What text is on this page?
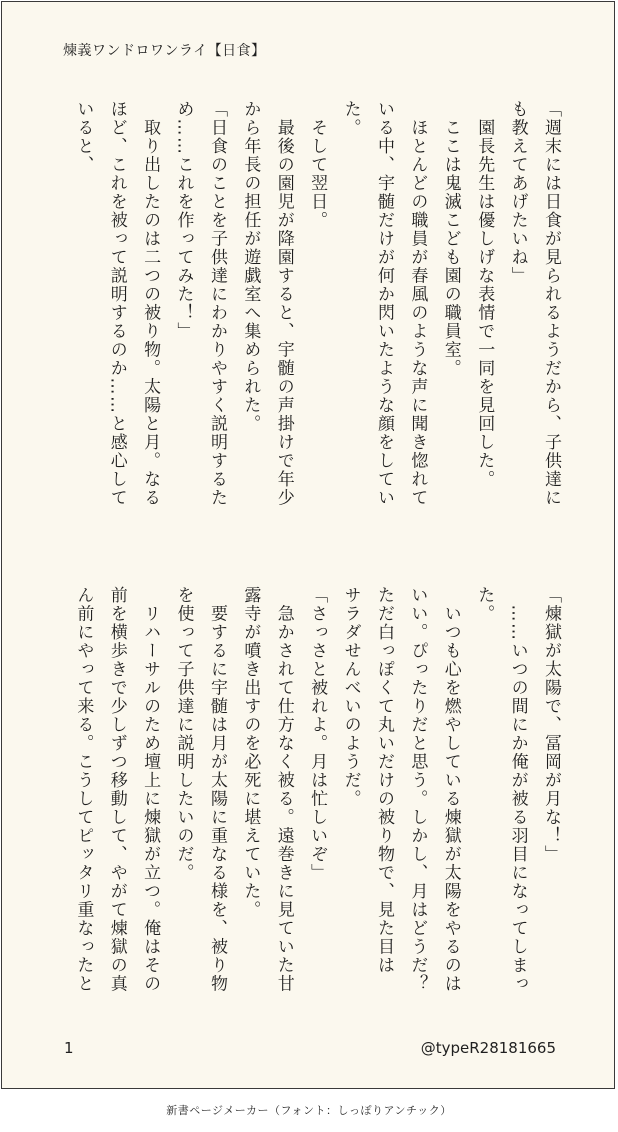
煉義ワンドロワンライ【日食】
「週末には日食が見られるようだから、子供達に
も教えてあげたいね」
　園長先生は優しげな表情で一同を見回した。
　ここは鬼滅こども園の職員室。
　ほとんどの職員が春風のような声に聞き惚れて
いる中、宇髄だけが何か閃いたような顔をしてい
た。
　そして翌日。
　最後の園児が降園すると、宇髄の声掛けで年少
から年長の担任が遊戯室へ集められた。
「日食のことを子供達にわかりやすく説明するた
め……これを作ってみた！」
　取り出したのは二つの被り物。太陽と月。なる
ほど、これを被って説明するのか……と感心して
いると、
「煉獄が太陽で、冨岡が月な！」
　……いつの間にか俺が被る羽目になってしまっ
た。
　いつも心を燃やしている煉獄が太陽をやるのは
いい。ぴったりだと思う。しかし、月はどうだ？
ただ白っぽくて丸いだけの被り物で、見た目は
サラダせんべいのようだ。
「さっさと被れよ。月は忙しいぞ」
　急かされて仕方なく被る。遠巻きに見ていた甘
露寺が噴き出すのを必死に堪えていた。
　要するに宇髄は月が太陽に重なる様を、被り物
を使って子供達に説明したいのだ。
　リハーサルのため壇上に煉獄が立つ。俺はその
前を横歩きで少しずつ移動して、やがて煉獄の真
ん前にやって来る。こうしてピッタリ重なったと
1	@typeR28181665
新書ページメーカー（フォント：しっぽりアンチック）
